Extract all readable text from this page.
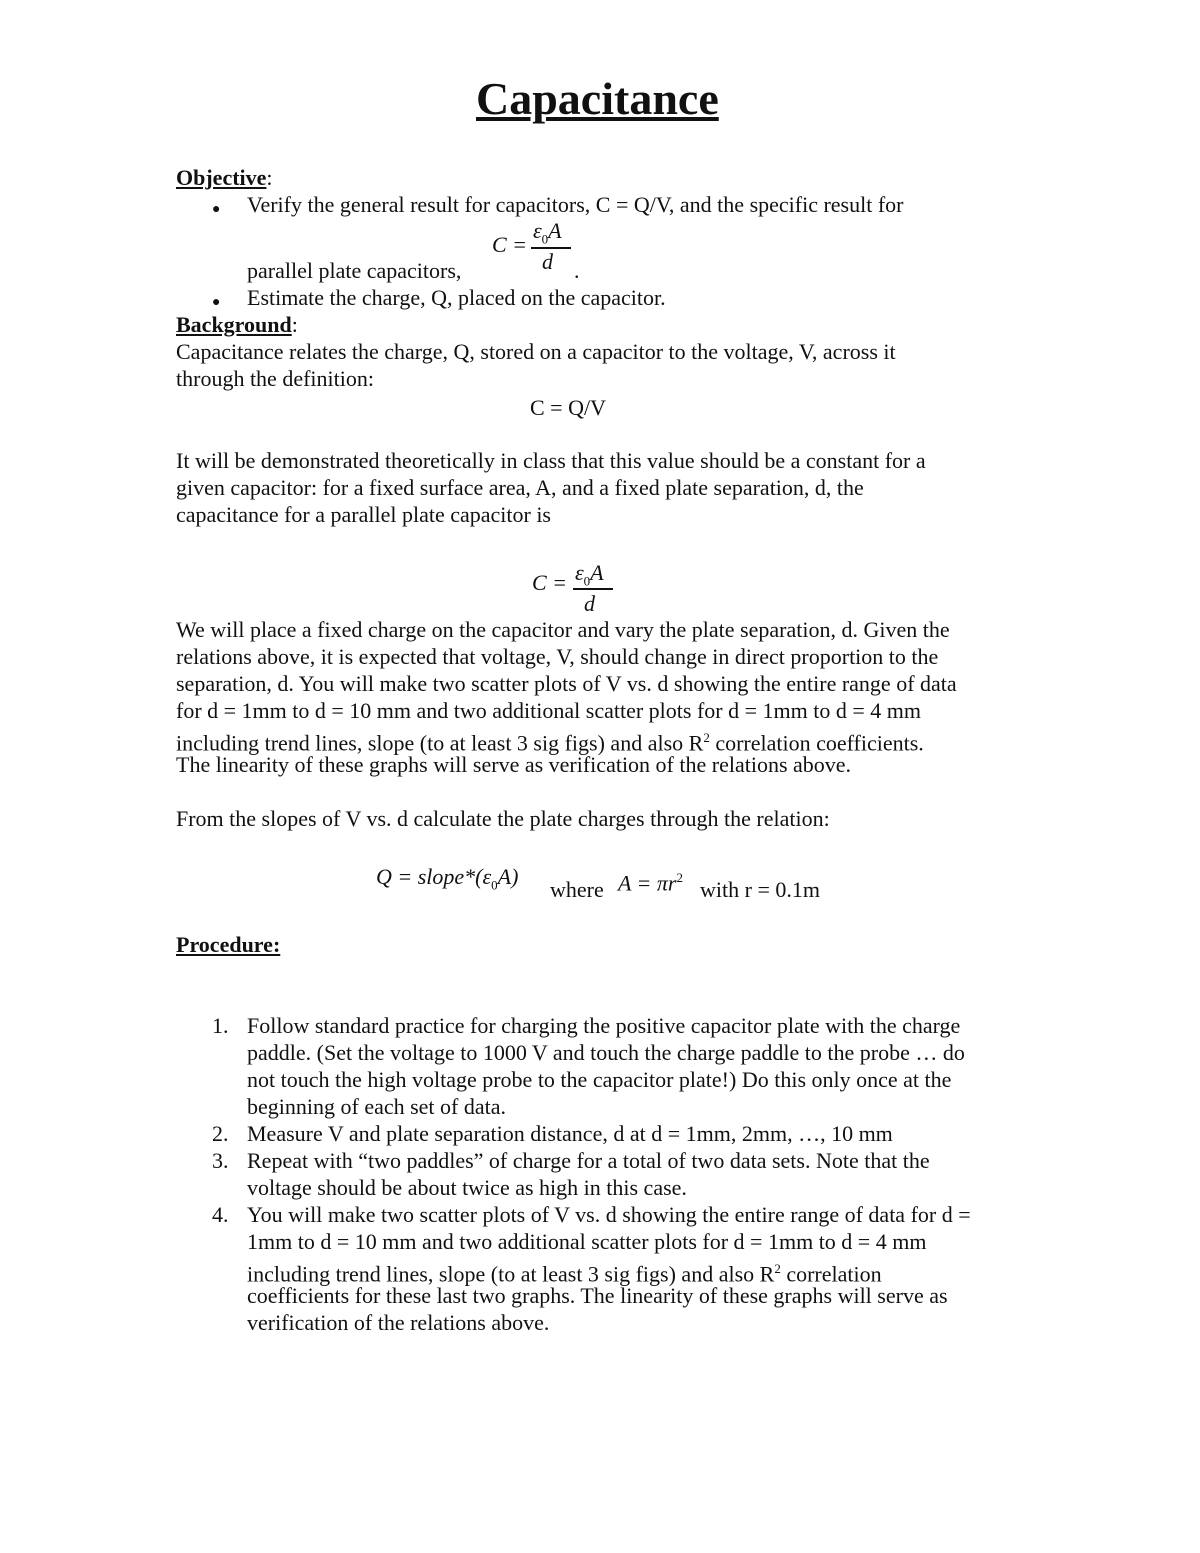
Capacitance
Objective:
● Verify the general result for capacitors, C = Q/V, and the specific result for
parallel plate capacitors,	.
C =
$\varepsilon_0A$
d
● Estimate the charge, Q, placed on the capacitor.
Background:
Capacitance relates the charge, Q, stored on a capacitor to the voltage, V, across it
through the definition:
C = Q/V
It will be demonstrated theoretically in class that this value should be a constant for a
given capacitor: for a fixed surface area, A, and a fixed plate separation, d, the
capacitance for a parallel plate capacitor is
$C = \varepsilon_0A$
d
We will place a fixed charge on the capacitor and vary the plate separation, d. Given the
relations above, it is expected that voltage, V, should change in direct proportion to the
separation, d. You will make two scatter plots of V vs. d showing the entire range of data
for d = 1mm to d = 10 mm and two additional scatter plots for d = 1mm to d = 4 mm
including trend lines, slope (to at least 3 sig figs) and also $R^2$ correlation coefficients.
The linearity of these graphs will serve as verification of the relations above.
From the slopes of V vs. d calculate the plate charges through the relation:
$Q = slope*(\varepsilon_0A)$
where $A = \pi r^2$ with r = 0.1m
Procedure:
1. Follow standard practice for charging the positive capacitor plate with the charge
paddle. (Set the voltage to 1000 V and touch the charge paddle to the probe … do
not touch the high voltage probe to the capacitor plate!) Do this only once at the
beginning of each set of data.
2. Measure V and plate separation distance, d at d = 1mm, 2mm, …, 10 mm
3. Repeat with “two paddles” of charge for a total of two data sets. Note that the
voltage should be about twice as high in this case.
4. You will make two scatter plots of V vs. d showing the entire range of data for d =
1mm to d = 10 mm and two additional scatter plots for d = 1mm to d = 4 mm
including trend lines, slope (to at least 3 sig figs) and also $R^2$ correlation
coefficients for these last two graphs. The linearity of these graphs will serve as
verification of the relations above.
